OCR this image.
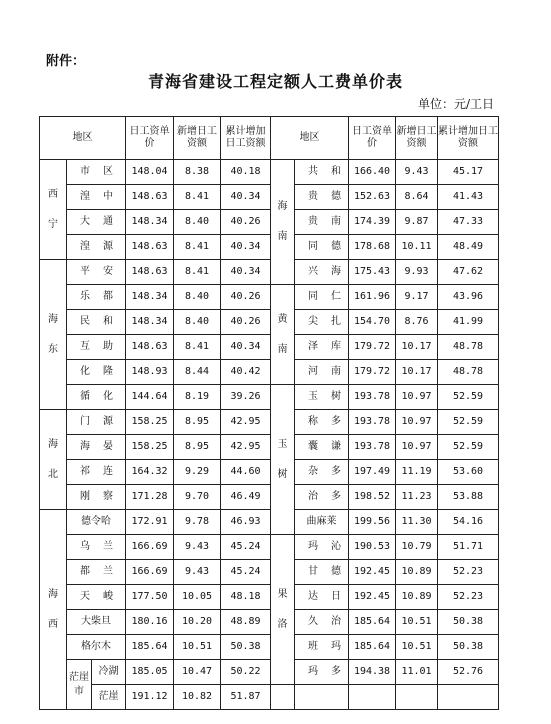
附件：
青海省建设工程定额人工费单价表
单位：元/工日
地区			日工资单价	新增日工资额	累计增加日工资额	地区		日工资单价	新增日工资额	累计增加日工资额
西宁	市区		148.04	8.38	40.18	海南	共和	166.40	9.43	45.17
	湟中		148.63	8.41	40.34		贵德	152.63	8.64	41.43
	大通		148.34	8.40	40.26		贵南	174.39	9.87	47.33
	湟源		148.63	8.41	40.34		同德	178.68	10.11	48.49
海东	平安		148.63	8.41	40.34		兴海	175.43	9.93	47.62
	乐都		148.34	8.40	40.26	黄南	同仁	161.96	9.17	43.96
	民和		148.34	8.40	40.26		尖扎	154.70	8.76	41.99
	互助		148.63	8.41	40.34		泽库	179.72	10.17	48.78
	化隆		148.93	8.44	40.42		河南	179.72	10.17	48.78
	循化		144.64	8.19	39.26	玉树	玉树	193.78	10.97	52.59
海北	门源		158.25	8.95	42.95		称多	193.78	10.97	52.59
	海晏		158.25	8.95	42.95		囊谦	193.78	10.97	52.59
	祁连		164.32	9.29	44.60		杂多	197.49	11.19	53.60
	刚察		171.28	9.70	46.49		治多	198.52	11.23	53.88
海西	德令哈		172.91	9.78	46.93		曲麻莱	199.56	11.30	54.16
	乌兰		166.69	9.43	45.24	果洛	玛沁	190.53	10.79	51.71
	都兰		166.69	9.43	45.24		甘德	192.45	10.89	52.23
	天峻		177.50	10.05	48.18		达日	192.45	10.89	52.23
	大柴旦		180.16	10.20	48.89		久治	185.64	10.51	50.38
	格尔木		185.64	10.51	50.38		班玛	185.64	10.51	50.38
	茫崖市	冷湖	185.05	10.47	50.22		玛多	194.38	11.01	52.76
		茫崖	191.12	10.82	51.87					
